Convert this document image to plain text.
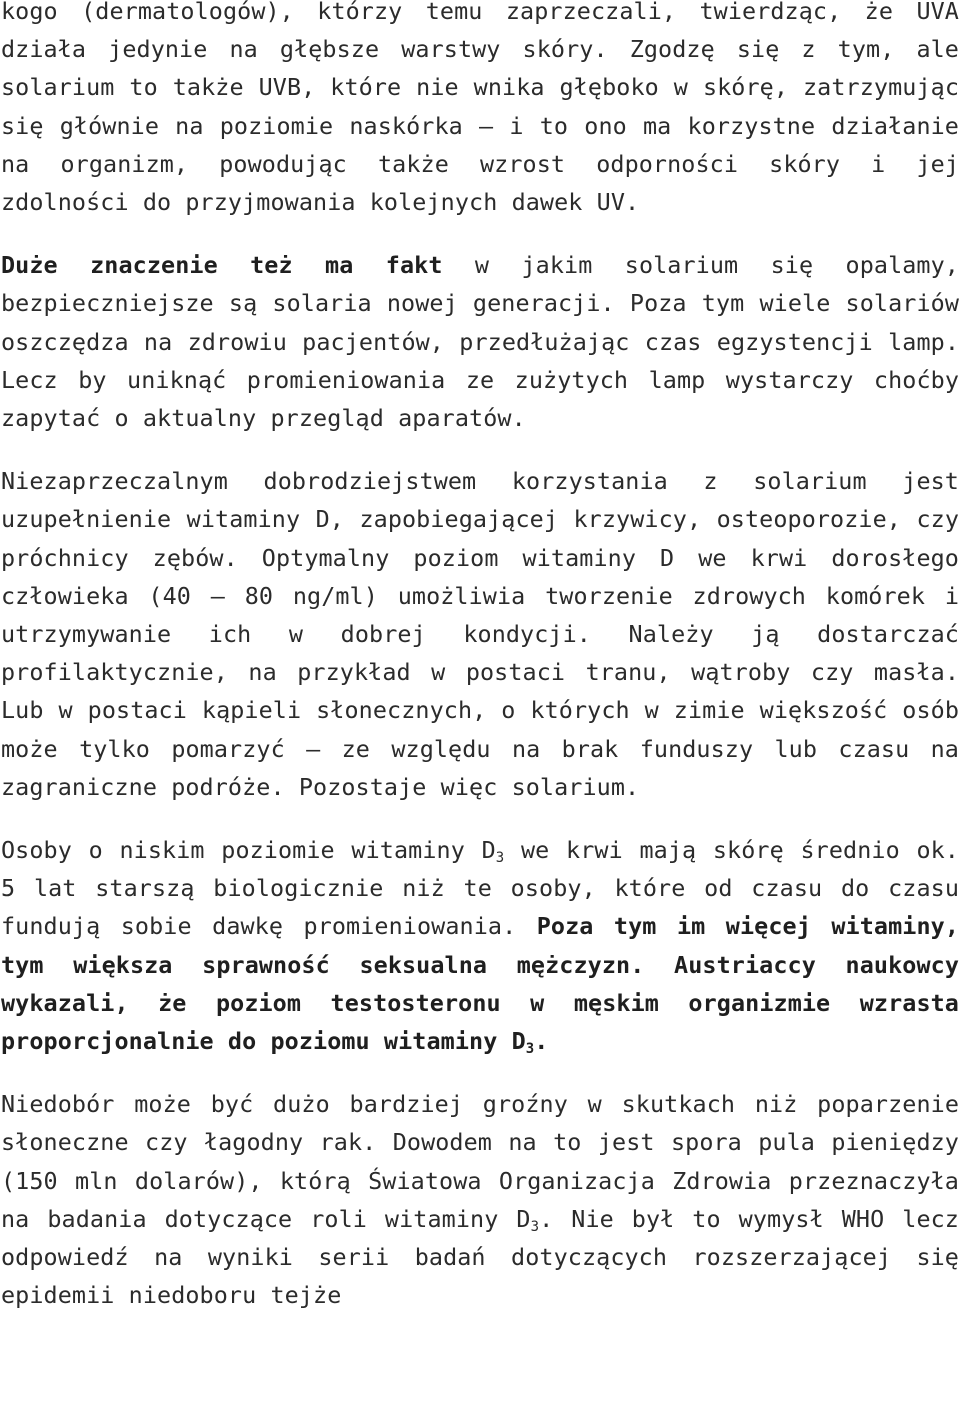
kogo (dermatologów), którzy temu zaprzeczali, twierdząc, że UVA działa jedynie na głębsze warstwy skóry. Zgodzę się z tym, ale solarium to także UVB, które nie wnika głęboko w skórę, zatrzymując się głównie na poziomie naskórka – i to ono ma korzystne działanie na organizm, powodując także wzrost odporności skóry i jej zdolności do przyjmowania kolejnych dawek UV.

Duże znaczenie też ma fakt w jakim solarium się opalamy, bezpieczniejsze są solaria nowej generacji. Poza tym wiele solariów oszczędza na zdrowiu pacjentów, przedłużając czas egzystencji lamp. Lecz by uniknąć promieniowania ze zużytych lamp wystarczy choćby zapytać o aktualny przegląd aparatów.

Niezaprzeczalnym dobrodziejstwem korzystania z solarium jest uzupełnienie witaminy D, zapobiegającej krzywicy, osteoporozie, czy próchnicy zębów. Optymalny poziom witaminy D we krwi dorosłego człowieka (40 – 80 ng/ml) umożliwia tworzenie zdrowych komórek i utrzymywanie ich w dobrej kondycji. Należy ją dostarczać profilaktycznie, na przykład w postaci tranu, wątroby czy masła. Lub w postaci kąpieli słonecznych, o których w zimie większość osób może tylko pomarzyć – ze względu na brak funduszy lub czasu na zagraniczne podróże. Pozostaje więc solarium.

Osoby o niskim poziomie witaminy $D_3$ we krwi mają skórę średnio ok. 5 lat starszą biologicznie niż te osoby, które od czasu do czasu fundują sobie dawkę promieniowania. Poza tym im więcej witaminy, tym większa sprawność seksualna mężczyzn. Austriaccy naukowcy wykazali, że poziom testosteronu w męskim organizmie wzrasta proporcjonalnie do poziomu witaminy $D_3$.

Niedobór może być dużo bardziej groźny w skutkach niż poparzenie słoneczne czy łagodny rak. Dowodem na to jest spora pula pieniędzy (150 mln dolarów), którą Światowa Organizacja Zdrowia przeznaczyła na badania dotyczące roli witaminy $D_3$. Nie był to wymysł WHO lecz odpowiedź na wyniki serii badań dotyczących rozszerzającej się epidemii niedoboru tejże
